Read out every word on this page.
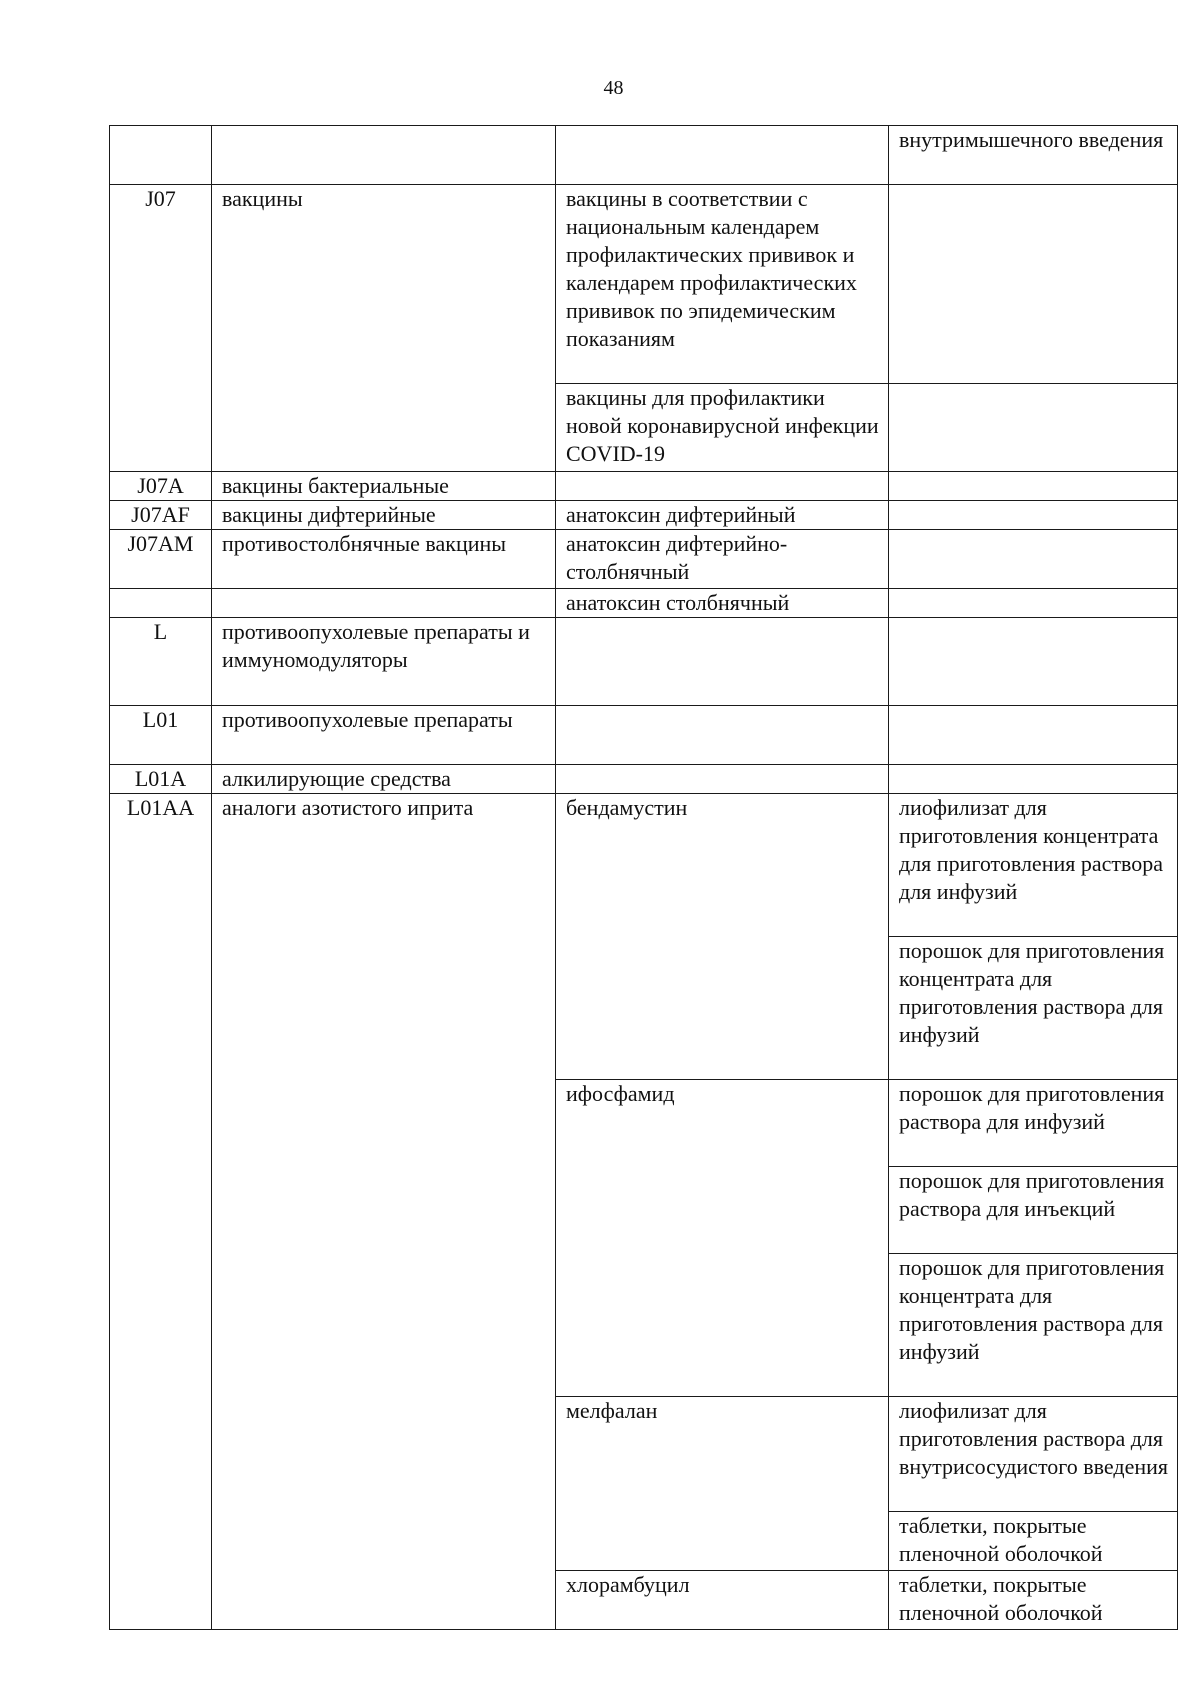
48
			внутримышечного введения
J07	вакцины	вакцины в соответствии с национальным календарем профилактических прививок и календарем профилактических прививок по эпидемическим показаниям	
		вакцины для профилактики новой коронавирусной инфекции COVID-19	
J07A	вакцины бактериальные		
J07AF	вакцины дифтерийные	анатоксин дифтерийный	
J07AM	противостолбнячные вакцины	анатоксин дифтерийно-столбнячный	
		анатоксин столбнячный	
L	противоопухолевые препараты и иммуномодуляторы		
L01	противоопухолевые препараты		
L01A	алкилирующие средства		
L01AA	аналоги азотистого иприта	бендамустин	лиофилизат для приготовления концентрата для приготовления раствора для инфузий
			порошок для приготовления концентрата для приготовления раствора для инфузий
		ифосфамид	порошок для приготовления раствора для инфузий
			порошок для приготовления раствора для инъекций
			порошок для приготовления концентрата для приготовления раствора для инфузий
		мелфалан	лиофилизат для приготовления раствора для внутрисосудистого введения
			таблетки, покрытые пленочной оболочкой
		хлорамбуцил	таблетки, покрытые пленочной оболочкой
